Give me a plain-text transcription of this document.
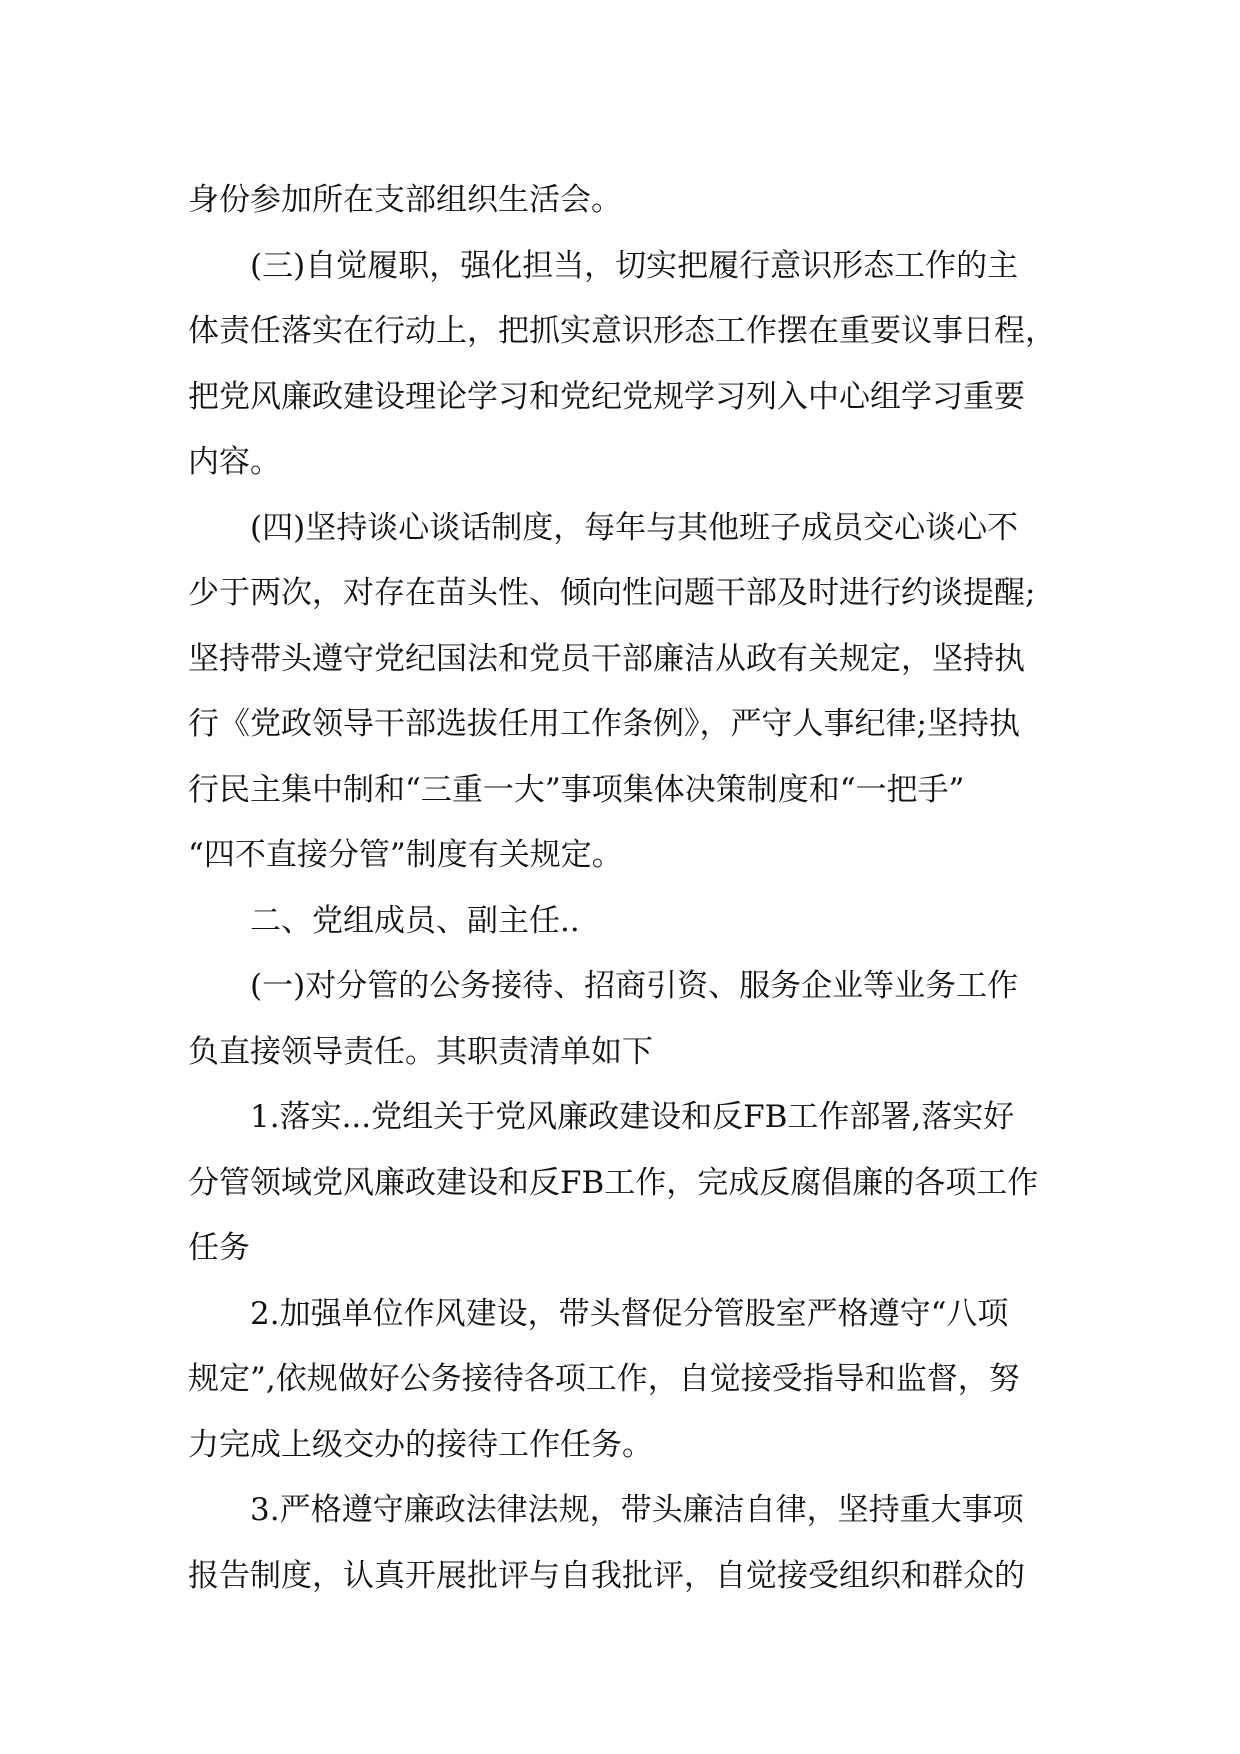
身份参加所在支部组织生活会。
(三)自觉履职，强化担当，切实把履行意识形态工作的主
体责任落实在行动上，把抓实意识形态工作摆在重要议事日程，
把党风廉政建设理论学习和党纪党规学习列入中心组学习重要
内容。
(四)坚持谈心谈话制度，每年与其他班子成员交心谈心不
少于两次，对存在苗头性、倾向性问题干部及时进行约谈提醒;
坚持带头遵守党纪国法和党员干部廉洁从政有关规定，坚持执
行《党政领导干部选拔任用工作条例》，严守人事纪律;坚持执
行民主集中制和“三重一大”事项集体决策制度和“一把手”
“四不直接分管”制度有关规定。
二、党组成员、副主任..
(一)对分管的公务接待、招商引资、服务企业等业务工作
负直接领导责任。其职责清单如下
1.落实...党组关于党风廉政建设和反FB工作部署,落实好
分管领域党风廉政建设和反FB工作，完成反腐倡廉的各项工作
任务
2.加强单位作风建设，带头督促分管股室严格遵守“八项
规定”,依规做好公务接待各项工作，自觉接受指导和监督，努
力完成上级交办的接待工作任务。
3.严格遵守廉政法律法规，带头廉洁自律，坚持重大事项
报告制度，认真开展批评与自我批评，自觉接受组织和群众的
